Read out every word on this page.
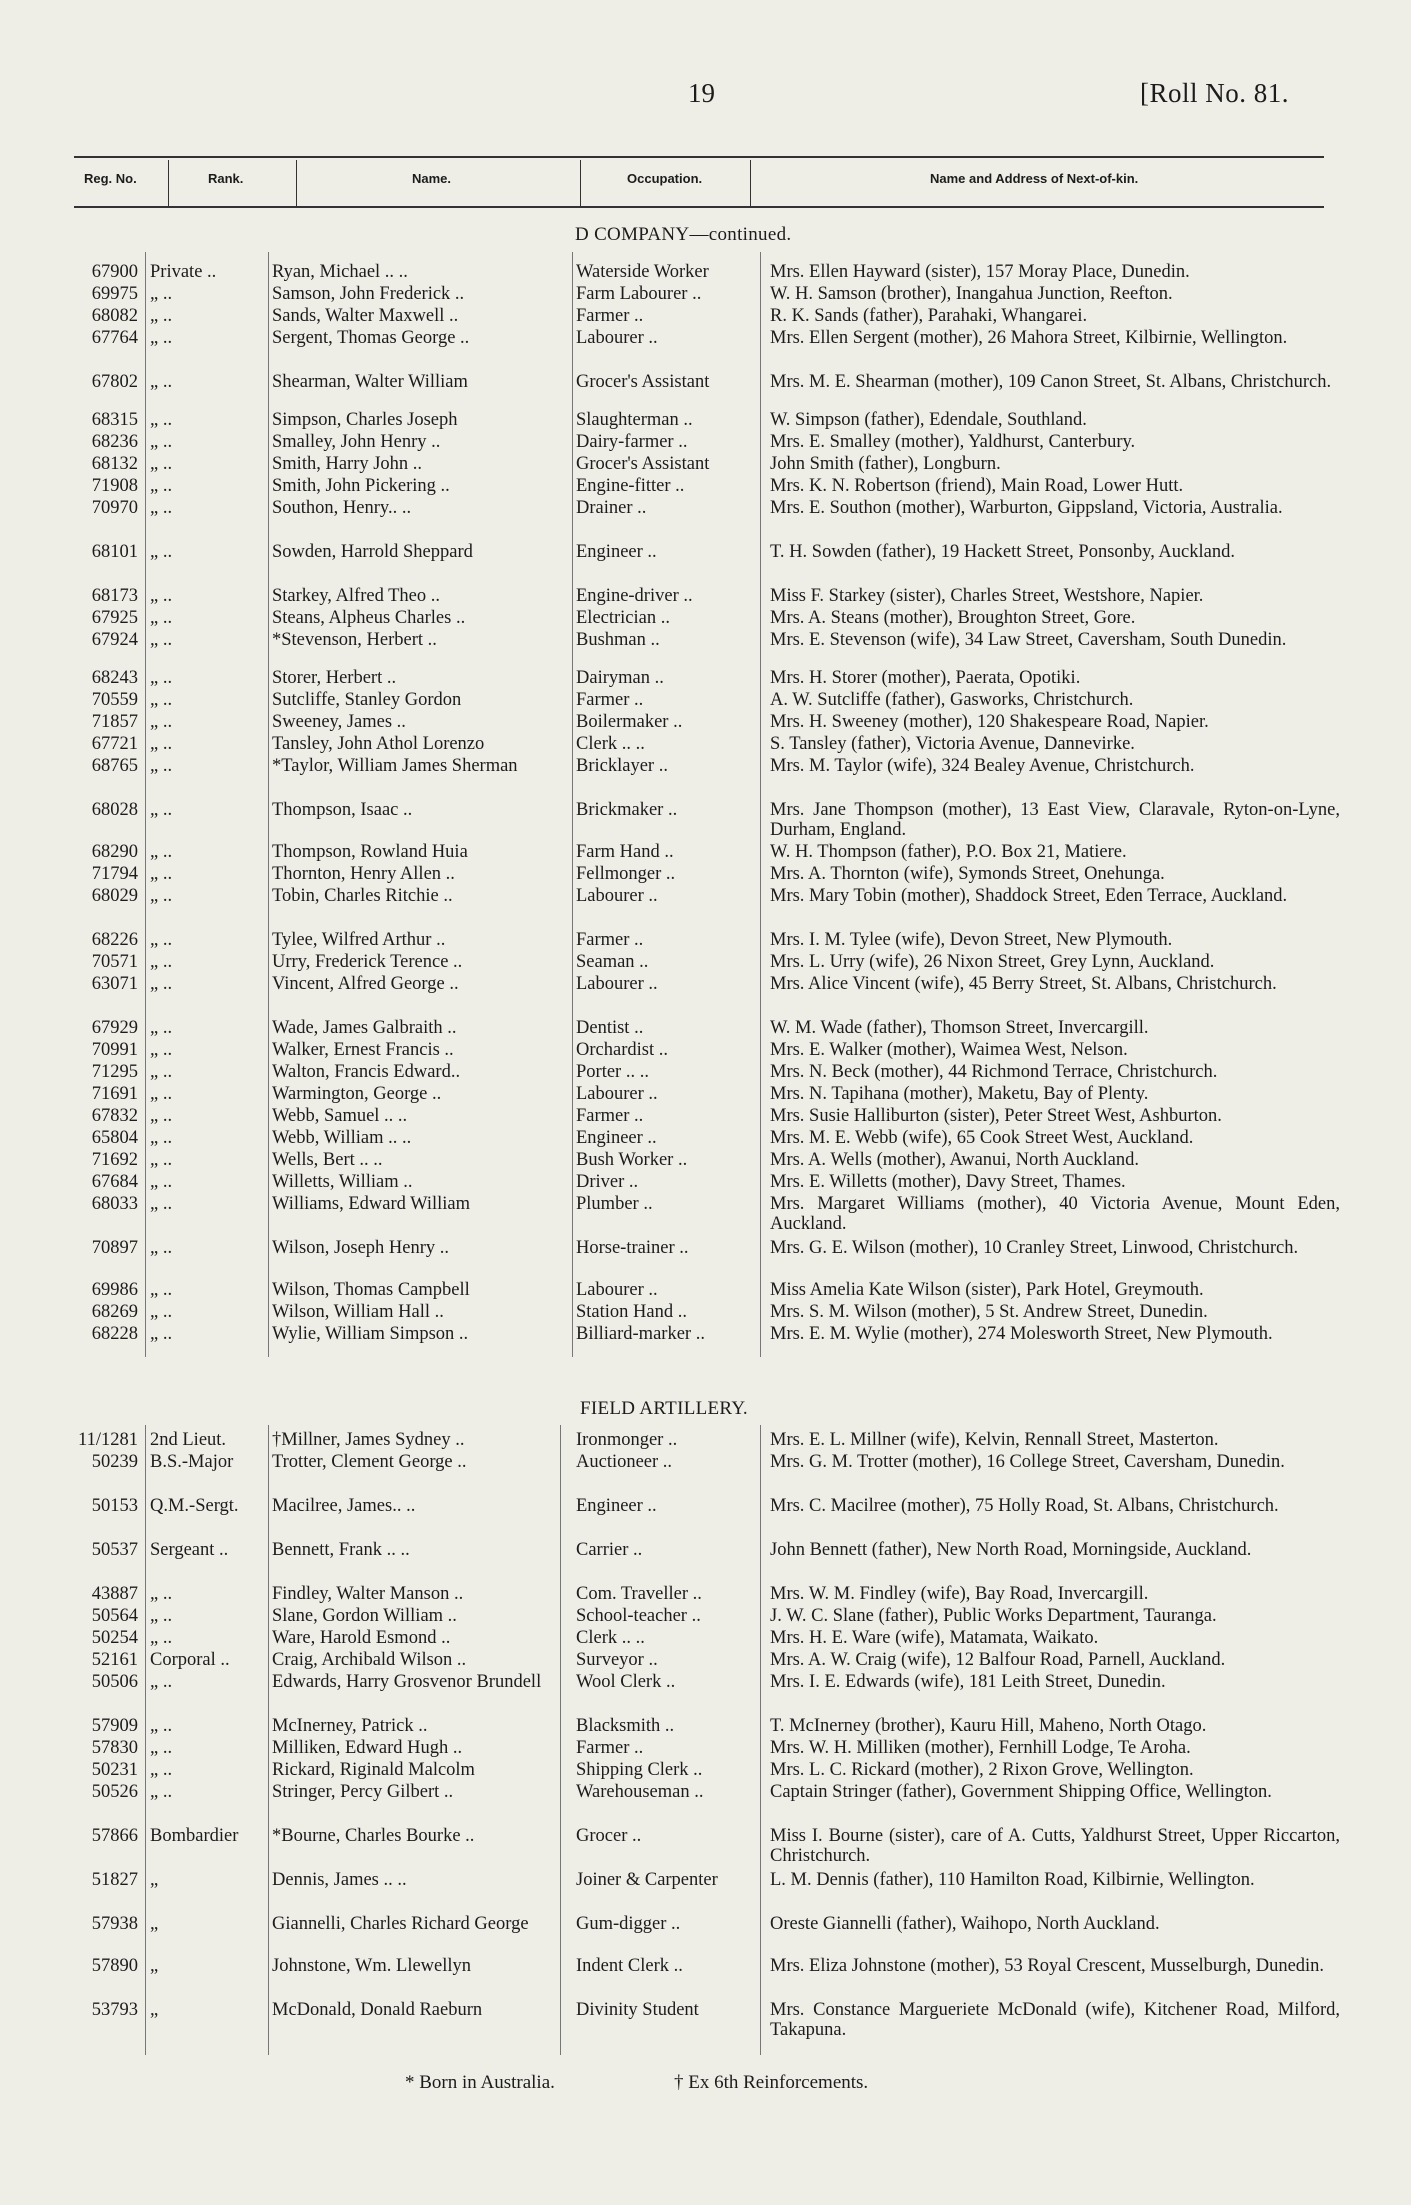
19	[Roll No. 81.
Reg. No.	Rank.	Name.	Occupation.	Name and Address of Next-of-kin.
D COMPANY—continued.
FIELD ARTILLERY.
67900 Private ..	Ryan, Michael .. ..	Waterside Worker	Mrs. Ellen Hayward (sister), 157 Moray Place, Dunedin.
69975 „ ..	Samson, John Frederick ..	Farm Labourer ..	W. H. Samson (brother), Inangahua Junction, Reefton.
68082 „ ..	Sands, Walter Maxwell ..	Farmer ..	R. K. Sands (father), Parahaki, Whangarei.
67764 „ ..	Sergent, Thomas George ..	Labourer ..	Mrs. Ellen Sergent (mother), 26 Mahora Street, Kilbirnie, Wellington.
67802 „ ..	Shearman, Walter William	Grocer's Assistant	Mrs. M. E. Shearman (mother), 109 Canon Street, St. Albans, Christchurch.
68315 „ ..	Simpson, Charles Joseph	Slaughterman ..	W. Simpson (father), Edendale, Southland.
68236 „ ..	Smalley, John Henry ..	Dairy-farmer ..	Mrs. E. Smalley (mother), Yaldhurst, Canterbury.
68132 „ ..	Smith, Harry John ..	Grocer's Assistant	John Smith (father), Longburn.
71908 „ ..	Smith, John Pickering ..	Engine-fitter ..	Mrs. K. N. Robertson (friend), Main Road, Lower Hutt.
70970 „ ..	Southon, Henry.. ..	Drainer ..	Mrs. E. Southon (mother), Warburton, Gippsland, Victoria, Australia.
68101 „ ..	Sowden, Harrold Sheppard	Engineer ..	T. H. Sowden (father), 19 Hackett Street, Ponsonby, Auckland.
68173 „ ..	Starkey, Alfred Theo ..	Engine-driver ..	Miss F. Starkey (sister), Charles Street, Westshore, Napier.
67925 „ ..	Steans, Alpheus Charles ..	Electrician ..	Mrs. A. Steans (mother), Broughton Street, Gore.
67924 „ ..	*Stevenson, Herbert ..	Bushman ..	Mrs. E. Stevenson (wife), 34 Law Street, Caversham, South Dunedin.
68243 „ ..	Storer, Herbert ..	Dairyman ..	Mrs. H. Storer (mother), Paerata, Opotiki.
70559 „ ..	Sutcliffe, Stanley Gordon	Farmer ..	A. W. Sutcliffe (father), Gasworks, Christchurch.
71857 „ ..	Sweeney, James ..	Boilermaker ..	Mrs. H. Sweeney (mother), 120 Shakespeare Road, Napier.
67721 „ ..	Tansley, John Athol Lorenzo	Clerk .. ..	S. Tansley (father), Victoria Avenue, Dannevirke.
68765 „ ..	*Taylor, William James Sherman	Bricklayer ..	Mrs. M. Taylor (wife), 324 Bealey Avenue, Christchurch.
68028 „ ..	Thompson, Isaac ..	Brickmaker ..	Mrs. Jane Thompson (mother), 13 East View, Claravale, Ryton-on-Lyne, Durham, England.
68290 „ ..	Thompson, Rowland Huia	Farm Hand ..	W. H. Thompson (father), P.O. Box 21, Matiere.
71794 „ ..	Thornton, Henry Allen ..	Fellmonger ..	Mrs. A. Thornton (wife), Symonds Street, Onehunga.
68029 „ ..	Tobin, Charles Ritchie ..	Labourer ..	Mrs. Mary Tobin (mother), Shaddock Street, Eden Terrace, Auckland.
68226 „ ..	Tylee, Wilfred Arthur ..	Farmer ..	Mrs. I. M. Tylee (wife), Devon Street, New Plymouth.
70571 „ ..	Urry, Frederick Terence ..	Seaman ..	Mrs. L. Urry (wife), 26 Nixon Street, Grey Lynn, Auckland.
63071 „ ..	Vincent, Alfred George ..	Labourer ..	Mrs. Alice Vincent (wife), 45 Berry Street, St. Albans, Christchurch.
67929 „ ..	Wade, James Galbraith ..	Dentist ..	W. M. Wade (father), Thomson Street, Invercargill.
70991 „ ..	Walker, Ernest Francis ..	Orchardist ..	Mrs. E. Walker (mother), Waimea West, Nelson.
71295 „ ..	Walton, Francis Edward..	Porter .. ..	Mrs. N. Beck (mother), 44 Richmond Terrace, Christchurch.
71691 „ ..	Warmington, George ..	Labourer ..	Mrs. N. Tapihana (mother), Maketu, Bay of Plenty.
67832 „ ..	Webb, Samuel .. ..	Farmer ..	Mrs. Susie Halliburton (sister), Peter Street West, Ashburton.
65804 „ ..	Webb, William .. ..	Engineer ..	Mrs. M. E. Webb (wife), 65 Cook Street West, Auckland.
71692 „ ..	Wells, Bert .. ..	Bush Worker ..	Mrs. A. Wells (mother), Awanui, North Auckland.
67684 „ ..	Willetts, William ..	Driver ..	Mrs. E. Willetts (mother), Davy Street, Thames.
68033 „ ..	Williams, Edward William	Plumber ..	Mrs. Margaret Williams (mother), 40 Victoria Avenue, Mount Eden, Auckland.
70897 „ ..	Wilson, Joseph Henry ..	Horse-trainer ..	Mrs. G. E. Wilson (mother), 10 Cranley Street, Linwood, Christchurch.
69986 „ ..	Wilson, Thomas Campbell	Labourer ..	Miss Amelia Kate Wilson (sister), Park Hotel, Greymouth.
68269 „ ..	Wilson, William Hall ..	Station Hand ..	Mrs. S. M. Wilson (mother), 5 St. Andrew Street, Dunedin.
68228 „ ..	Wylie, William Simpson ..	Billiard-marker ..	Mrs. E. M. Wylie (mother), 274 Molesworth Street, New Plymouth.
11/1281 2nd Lieut.	†Millner, James Sydney ..	Ironmonger ..	Mrs. E. L. Millner (wife), Kelvin, Rennall Street, Masterton.
50239 B.S.-Major	Trotter, Clement George ..	Auctioneer ..	Mrs. G. M. Trotter (mother), 16 College Street, Caversham, Dunedin.
50153 Q.M.-Sergt.	Macilree, James.. ..	Engineer ..	Mrs. C. Macilree (mother), 75 Holly Road, St. Albans, Christchurch.
50537 Sergeant ..	Bennett, Frank .. ..	Carrier ..	John Bennett (father), New North Road, Morningside, Auckland.
43887 „ ..	Findley, Walter Manson ..	Com. Traveller ..	Mrs. W. M. Findley (wife), Bay Road, Invercargill.
50564 „ ..	Slane, Gordon William ..	School-teacher ..	J. W. C. Slane (father), Public Works Department, Tauranga.
50254 „ ..	Ware, Harold Esmond ..	Clerk .. ..	Mrs. H. E. Ware (wife), Matamata, Waikato.
52161 Corporal ..	Craig, Archibald Wilson ..	Surveyor ..	Mrs. A. W. Craig (wife), 12 Balfour Road, Parnell, Auckland.
50506 „ ..	Edwards, Harry Grosvenor Brundell	Wool Clerk ..	Mrs. I. E. Edwards (wife), 181 Leith Street, Dunedin.
57909 „ ..	McInerney, Patrick ..	Blacksmith ..	T. McInerney (brother), Kauru Hill, Maheno, North Otago.
57830 „ ..	Milliken, Edward Hugh ..	Farmer ..	Mrs. W. H. Milliken (mother), Fernhill Lodge, Te Aroha.
50231 „ ..	Rickard, Riginald Malcolm	Shipping Clerk ..	Mrs. L. C. Rickard (mother), 2 Rixon Grove, Wellington.
50526 „ ..	Stringer, Percy Gilbert ..	Warehouseman ..	Captain Stringer (father), Government Shipping Office, Wellington.
57866 Bombardier	*Bourne, Charles Bourke ..	Grocer ..	Miss I. Bourne (sister), care of A. Cutts, Yaldhurst Street, Upper Riccarton, Christchurch.
51827 „	Dennis, James .. ..	Joiner & Carpenter	L. M. Dennis (father), 110 Hamilton Road, Kilbirnie, Wellington.
57938 „	Giannelli, Charles Richard George	Gum-digger ..	Oreste Giannelli (father), Waihopo, North Auckland.
57890 „	Johnstone, Wm. Llewellyn	Indent Clerk ..	Mrs. Eliza Johnstone (mother), 53 Royal Crescent, Musselburgh, Dunedin.
53793 „	McDonald, Donald Raeburn	Divinity Student	Mrs. Constance Margueriete McDonald (wife), Kitchener Road, Milford, Takapuna.
* Born in Australia.	† Ex 6th Reinforcements.
